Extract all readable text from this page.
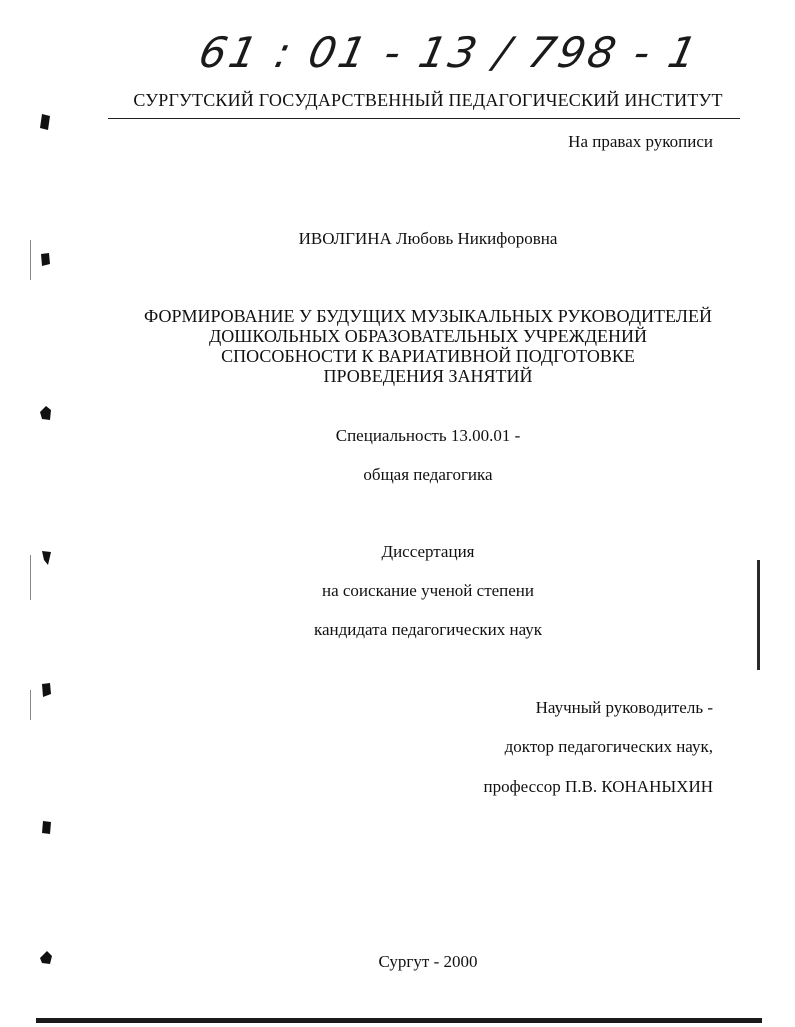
61 : 01 - 13 / 798 - 1
СУРГУТСКИЙ ГОСУДАРСТВЕННЫЙ ПЕДАГОГИЧЕСКИЙ ИНСТИТУТ
На правах рукописи
ИВОЛГИНА Любовь Никифоровна
ФОРМИРОВАНИЕ У БУДУЩИХ МУЗЫКАЛЬНЫХ РУКОВОДИТЕЛЕЙ
ДОШКОЛЬНЫХ ОБРАЗОВАТЕЛЬНЫХ УЧРЕЖДЕНИЙ
СПОСОБНОСТИ К ВАРИАТИВНОЙ ПОДГОТОВКЕ
ПРОВЕДЕНИЯ ЗАНЯТИЙ
Специальность 13.00.01 -
общая педагогика
Диссертация
на соискание ученой степени
кандидата педагогических наук
Научный руководитель -
доктор педагогических наук,
профессор П.В. КОНАНЫХИН
Сургут - 2000
